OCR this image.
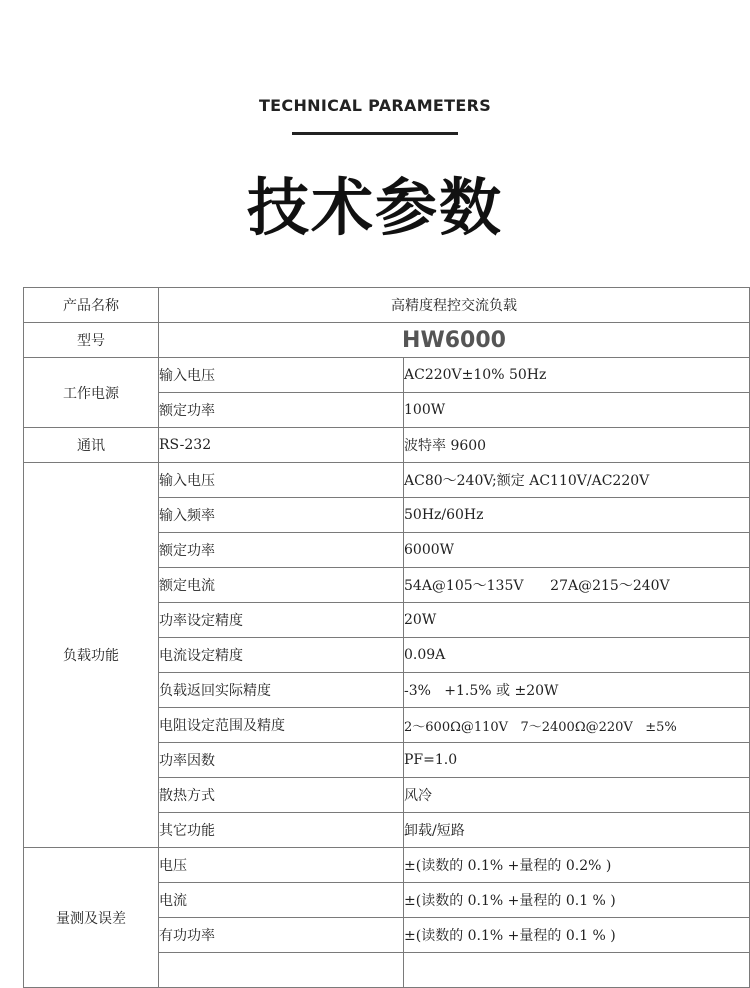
TECHNICAL PARAMETERS
技术参数
产品名称	高精度程控交流负载	
型号	HW6000	
工作电源	输入电压	AC220V±10% 50Hz
	额定功率	100W
通讯	RS-232	波特率 9600
负载功能	输入电压	AC80～240V;额定 AC110V/AC220V
	输入频率	50Hz/60Hz
	额定功率	6000W
	额定电流	54A@105～135V      27A@215～240V
	功率设定精度	20W
	电流设定精度	0.09A
	负载返回实际精度	-3%   +1.5% 或 ±20W
	电阻设定范围及精度	2～600Ω@110V   7～2400Ω@220V   ±5%
	功率因数	PF=1.0
	散热方式	风冷
	其它功能	卸载/短路
量测及误差	电压	±(读数的 0.1% +量程的 0.2% )
	电流	±(读数的 0.1% +量程的 0.1 % )
	有功功率	±(读数的 0.1% +量程的 0.1 % )
